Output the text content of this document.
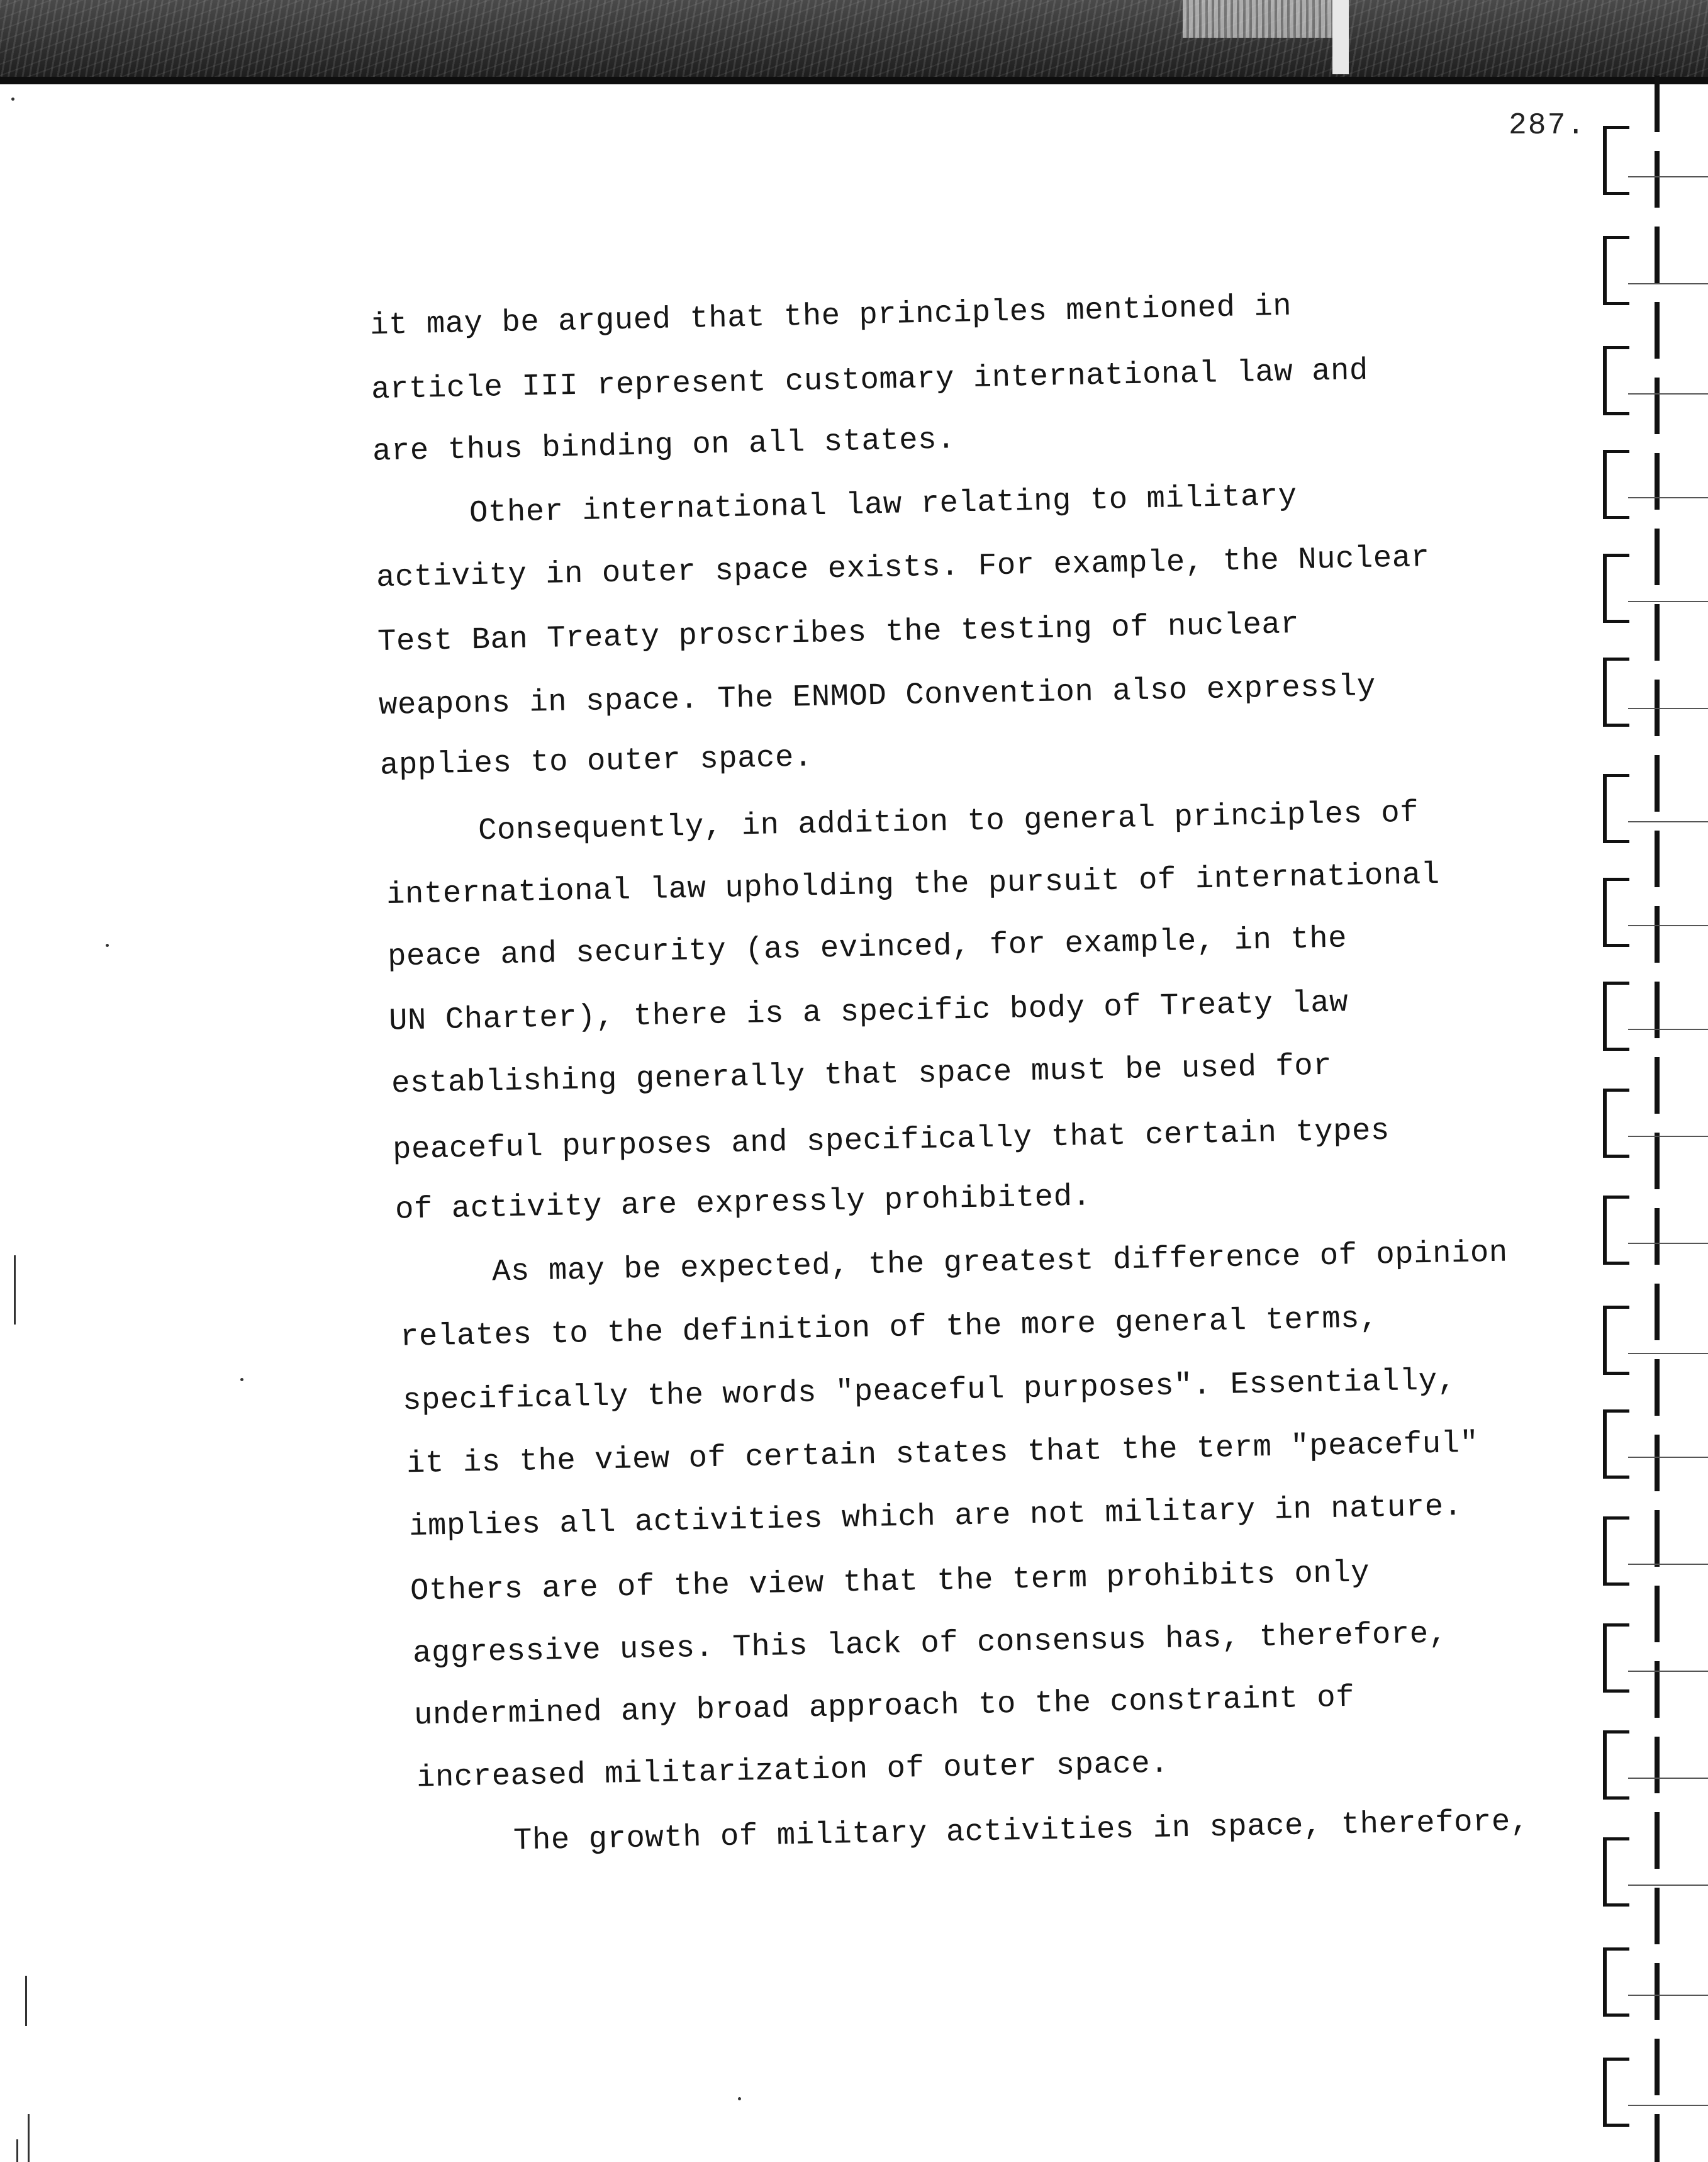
287.
it may be argued that the principles mentioned in
article III represent customary international law and
are thus binding on all states.
Other international law relating to military
activity in outer space exists. For example, the Nuclear
Test Ban Treaty proscribes the testing of nuclear
weapons in space. The ENMOD Convention also expressly
applies to outer space.
Consequently, in addition to general principles of
international law upholding the pursuit of international
peace and security (as evinced, for example, in the
UN Charter), there is a specific body of Treaty law
establishing generally that space must be used for
peaceful purposes and specifically that certain types
of activity are expressly prohibited.
As may be expected, the greatest difference of opinion
relates to the definition of the more general terms,
specifically the words "peaceful purposes". Essentially,
it is the view of certain states that the term "peaceful"
implies all activities which are not military in nature.
Others are of the view that the term prohibits only
aggressive uses. This lack of consensus has, therefore,
undermined any broad approach to the constraint of
increased militarization of outer space.
The growth of military activities in space, therefore,
